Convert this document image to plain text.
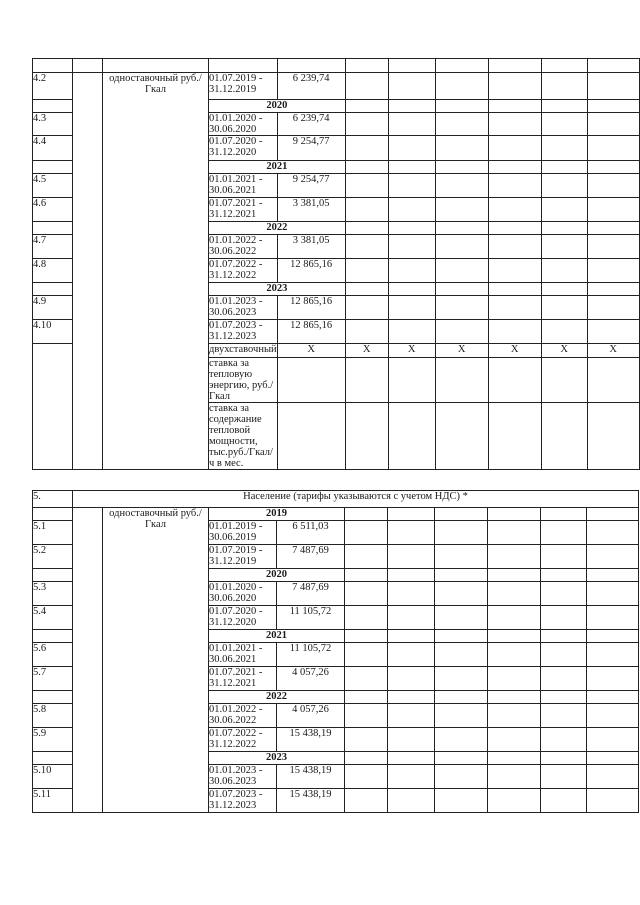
4.2		одноставочный руб./Гкал	01.07.2019 - 31.12.2019	6 239,74						
			2020							
4.3			01.01.2020 - 30.06.2020	6 239,74						
4.4			01.07.2020 - 31.12.2020	9 254,77						
			2021							
4.5			01.01.2021 - 30.06.2021	9 254,77						
4.6			01.07.2021 - 31.12.2021	3 381,05						
			2022							
4.7			01.01.2022 - 30.06.2022	3 381,05						
4.8			01.07.2022 - 31.12.2022	12 865,16						
			2023							
4.9			01.01.2023 - 30.06.2023	12 865,16						
4.10			01.07.2023 - 31.12.2023	12 865,16						
			двухставочный	Х	Х	Х	Х	Х	Х	Х
			ставка за тепловую энергию, руб./Гкал							
			ставка за содержание тепловой мощности, тыс.руб./Гкал/ч в мес.							
5.	Население (тарифы указываются с учетом НДС) *									
		одноставочный руб./Гкал	2019							
5.1			01.01.2019 - 30.06.2019	6 511,03						
5.2			01.07.2019 - 31.12.2019	7 487,69						
			2020							
5.3			01.01.2020 - 30.06.2020	7 487,69						
5.4			01.07.2020 - 31.12.2020	11 105,72						
			2021							
5.6			01.01.2021 - 30.06.2021	11 105,72						
5.7			01.07.2021 - 31.12.2021	4 057,26						
			2022							
5.8			01.01.2022 - 30.06.2022	4 057,26						
5.9			01.07.2022 - 31.12.2022	15 438,19						
			2023							
5.10			01.01.2023 - 30.06.2023	15 438,19						
5.11			01.07.2023 - 31.12.2023	15 438,19						
